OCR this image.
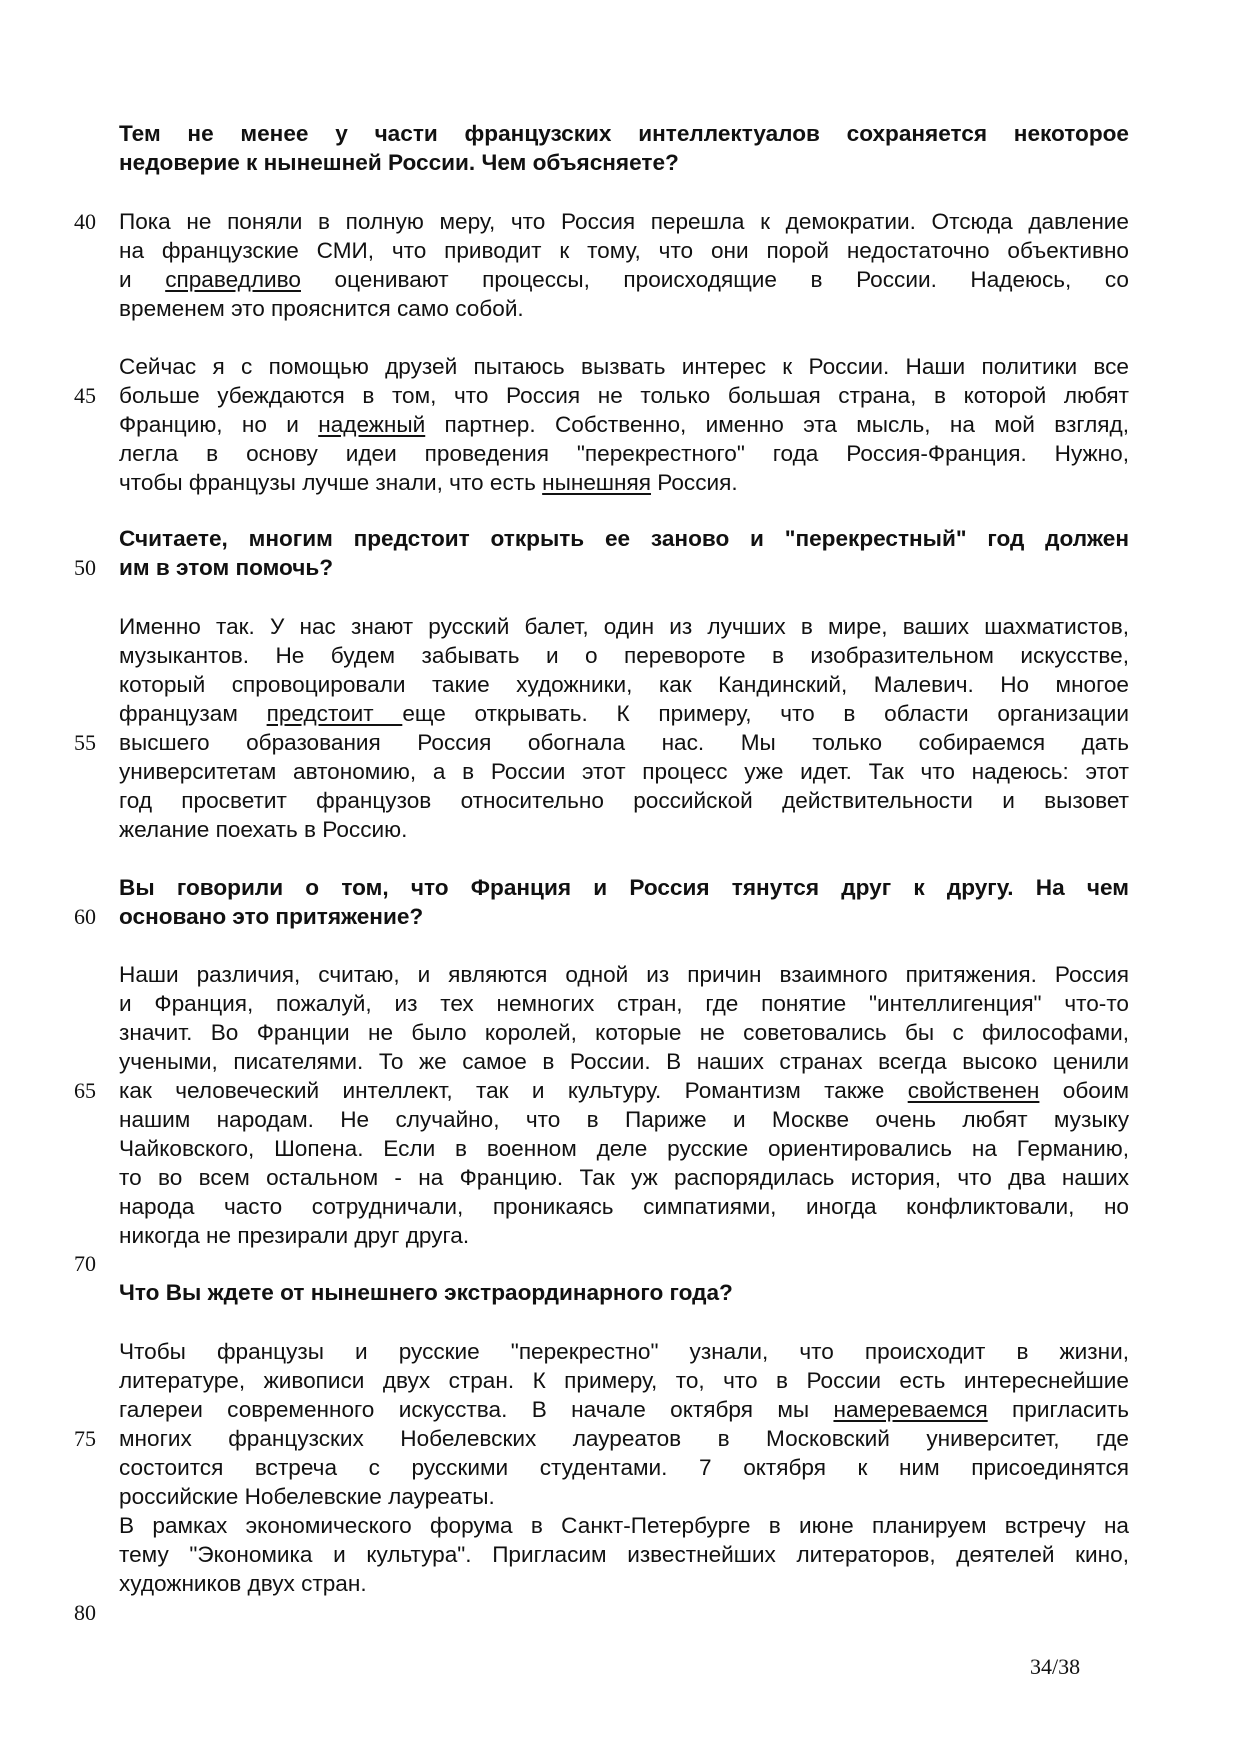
40
45
50
55
60
65
70
75
80
Тем не менее у части французских интеллектуалов сохраняется некоторое
недоверие к нынешней России. Чем объясняете?
Пока не поняли в полную меру, что Россия перешла к демократии. Отсюда давление
на французские СМИ, что приводит к тому, что они порой недостаточно объективно
и справедливо оценивают процессы, происходящие в России. Надеюсь, со
временем это прояснится само собой.
Сейчас я с помощью друзей пытаюсь вызвать интерес к России. Наши политики все
больше убеждаются в том, что Россия не только большая страна, в которой любят
Францию, но и надежный партнер. Собственно, именно эта мысль, на мой взгляд,
легла в основу идеи проведения "перекрестного" года Россия-Франция. Нужно,
чтобы французы лучше знали, что есть нынешняя Россия.
Считаете, многим предстоит открыть ее заново и "перекрестный" год должен
им в этом помочь?
Именно так. У нас знают русский балет, один из лучших в мире, ваших шахматистов,
музыкантов. Не будем забывать и о перевороте в изобразительном искусстве,
который спровоцировали такие художники, как Кандинский, Малевич. Но многое
французам предстоит еще открывать. К примеру, что в области организации
высшего образования Россия обогнала нас. Мы только собираемся дать
университетам автономию, а в России этот процесс уже идет. Так что надеюсь: этот
год просветит французов относительно российской действительности и вызовет
желание поехать в Россию.
Вы говорили о том, что Франция и Россия тянутся друг к другу. На чем
основано это притяжение?
Наши различия, считаю, и являются одной из причин взаимного притяжения. Россия
и Франция, пожалуй, из тех немногих стран, где понятие "интеллигенция" что-то
значит. Во Франции не было королей, которые не советовались бы с философами,
учеными, писателями. То же самое в России. В наших странах всегда высоко ценили
как человеческий интеллект, так и культуру. Романтизм также свойственен обоим
нашим народам. Не случайно, что в Париже и Москве очень любят музыку
Чайковского, Шопена. Если в военном деле русские ориентировались на Германию,
то во всем остальном - на Францию. Так уж распорядилась история, что два наших
народа часто сотрудничали, проникаясь симпатиями, иногда конфликтовали, но
никогда не презирали друг друга.
Что Вы ждете от нынешнего экстраординарного года?
Чтобы французы и русские "перекрестно" узнали, что происходит в жизни,
литературе, живописи двух стран. К примеру, то, что в России есть интереснейшие
галереи современного искусства. В начале октября мы намереваемся пригласить
многих французских Нобелевских лауреатов в Московский университет, где
состоится встреча с русскими студентами. 7 октября к ним присоединятся
российские Нобелевские лауреаты.
В рамках экономического форума в Санкт-Петербурге в июне планируем встречу на
тему "Экономика и культура". Пригласим известнейших литераторов, деятелей кино,
художников двух стран.
34/38
